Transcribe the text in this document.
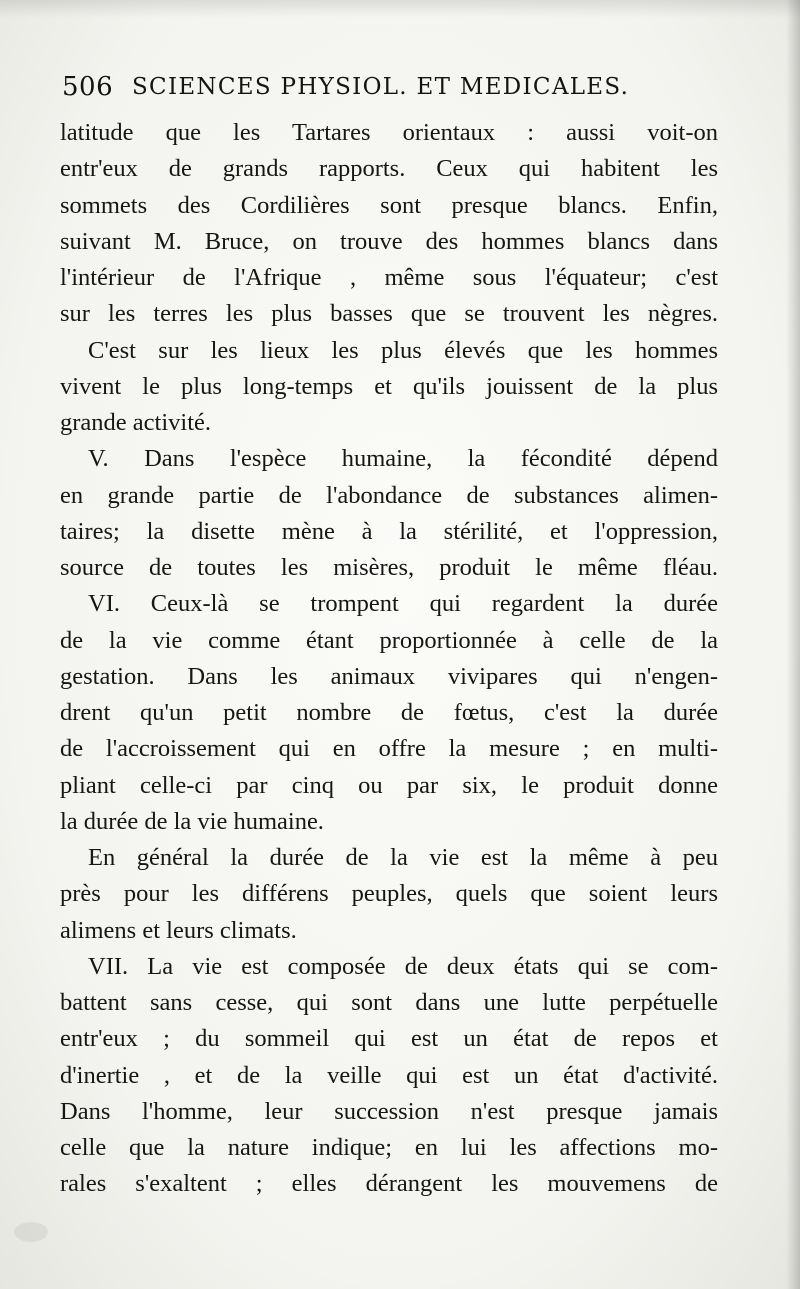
506 SCIENCES PHYSIOL. ET MEDICALES.
latitude que les Tartares orientaux : aussi voit-on
entr'eux de grands rapports. Ceux qui habitent les
sommets des Cordilières sont presque blancs. Enfin,
suivant M. Bruce, on trouve des hommes blancs dans
l'intérieur de l'Afrique , même sous l'équateur; c'est
sur les terres les plus basses que se trouvent les nègres.
C'est sur les lieux les plus élevés que les hommes
vivent le plus long-temps et qu'ils jouissent de la plus
grande activité.
V. Dans l'espèce humaine, la fécondité dépend
en grande partie de l'abondance de substances alimen-
taires; la disette mène à la stérilité, et l'oppression,
source de toutes les misères, produit le même fléau.
VI. Ceux-là se trompent qui regardent la durée
de la vie comme étant proportionnée à celle de la
gestation. Dans les animaux vivipares qui n'engen-
drent qu'un petit nombre de fœtus, c'est la durée
de l'accroissement qui en offre la mesure ; en multi-
pliant celle-ci par cinq ou par six, le produit donne
la durée de la vie humaine.
En général la durée de la vie est la même à peu
près pour les différens peuples, quels que soient leurs
alimens et leurs climats.
VII. La vie est composée de deux états qui se com-
battent sans cesse, qui sont dans une lutte perpétuelle
entr'eux ; du sommeil qui est un état de repos et
d'inertie , et de la veille qui est un état d'activité.
Dans l'homme, leur succession n'est presque jamais
celle que la nature indique; en lui les affections mo-
rales s'exaltent ; elles dérangent les mouvemens de
